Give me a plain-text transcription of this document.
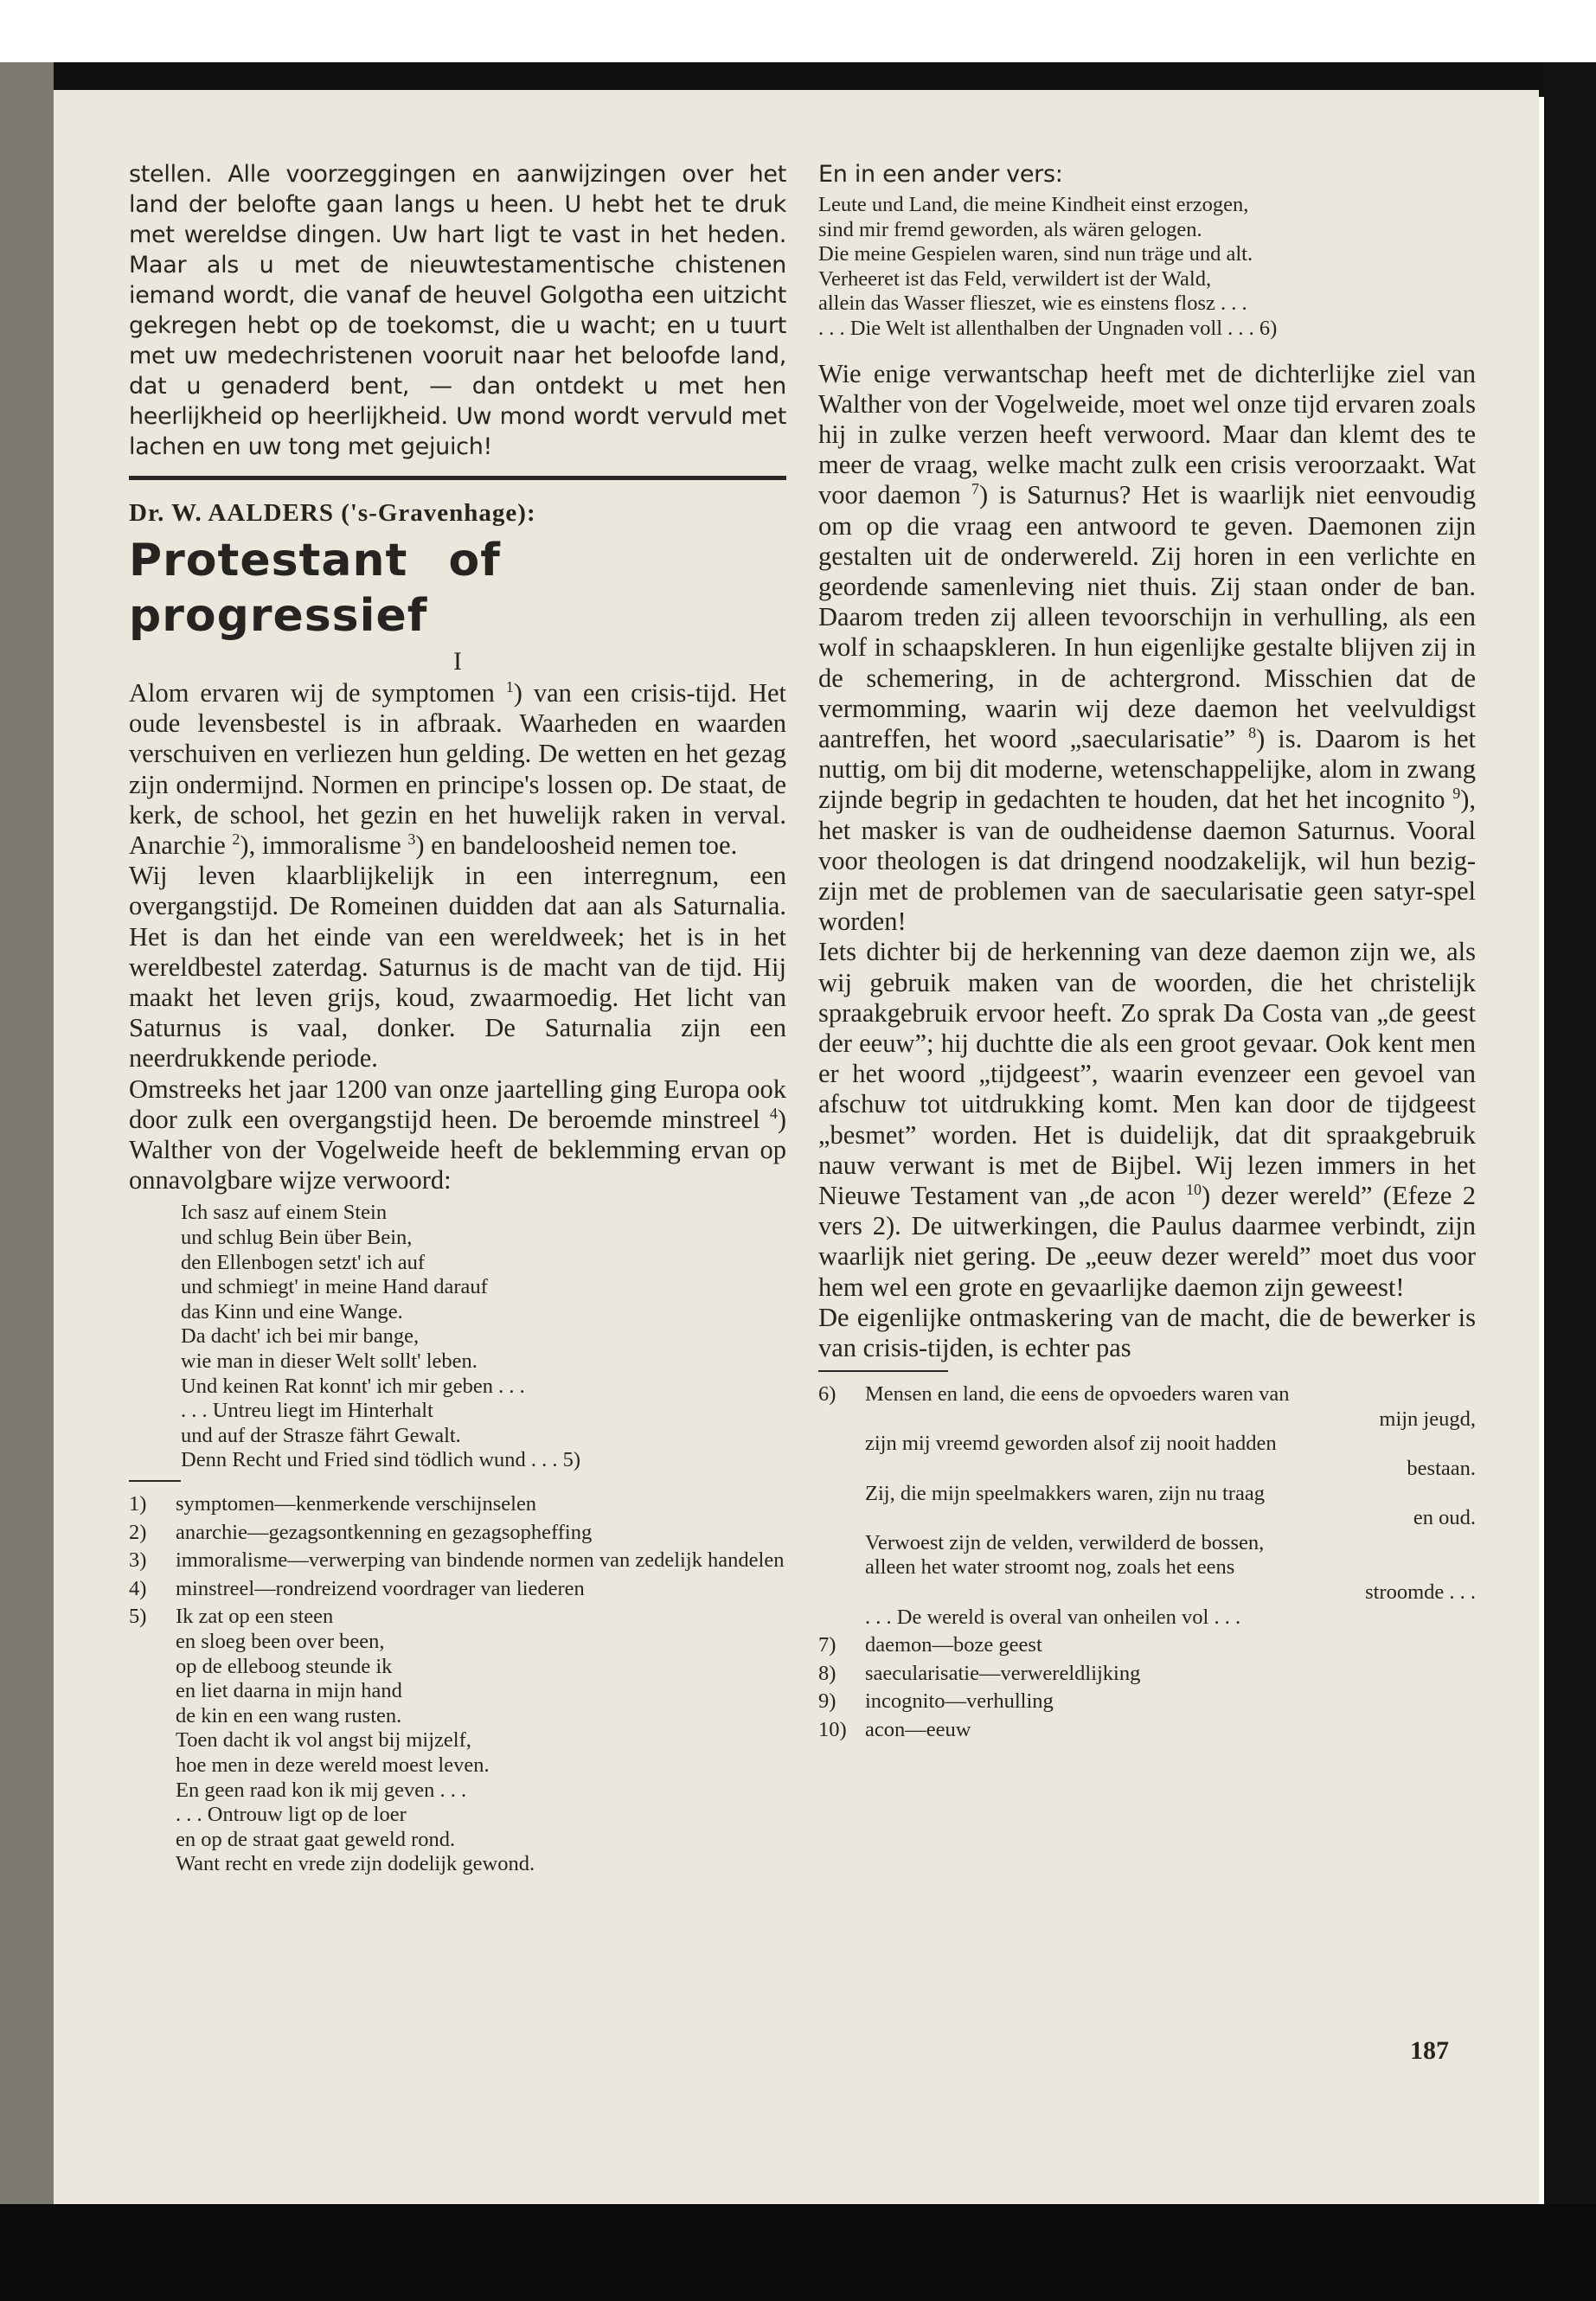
stellen. Alle voorzeggingen en aanwijzingen over het land der belofte gaan langs u heen. U hebt het te druk met wereldse dingen. Uw hart ligt te vast in het heden. Maar als u met de nieuwtestamentische chistenen iemand wordt, die vanaf de heuvel Golgotha een uitzicht gekregen hebt op de toekomst, die u wacht; en u tuurt met uw medechristenen vooruit naar het beloofde land, dat u genaderd bent, — dan ontdekt u met hen heerlijkheid op heerlijkheid. Uw mond wordt vervuld met lachen en uw tong met gejuich!

Dr. W. AALDERS ('s-Gravenhage):
Protestant of progressief
I
Alom ervaren wij de symptomen $^1$) van een crisis-tijd. Het oude levensbestel is in afbraak. Waarheden en waarden verschuiven en verliezen hun gelding. De wetten en het gezag zijn ondermijnd. Normen en principe's lossen op. De staat, de kerk, de school, het gezin en het huwelijk raken in verval. Anarchie $^2$), immoralisme $^3$) en bandeloosheid nemen toe.
Wij leven klaarblijkelijk in een interregnum, een overgangstijd. De Romeinen duidden dat aan als Saturnalia. Het is dan het einde van een wereldweek; het is in het wereldbestel zaterdag. Saturnus is de macht van de tijd. Hij maakt het leven grijs, koud, zwaarmoedig. Het licht van Saturnus is vaal, donker. De Saturnalia zijn een neerdrukkende periode.
Omstreeks het jaar 1200 van onze jaartelling ging Europa ook door zulk een overgangstijd heen. De beroemde minstreel $^4$) Walther von der Vogelweide heeft de beklemming ervan op onnavolgbare wijze verwoord:
Ich sasz auf einem Stein
und schlug Bein über Bein,
den Ellenbogen setzt' ich auf
und schmiegt' in meine Hand darauf
das Kinn und eine Wange.
Da dacht' ich bei mir bange,
wie man in dieser Welt sollt' leben.
Und keinen Rat konnt' ich mir geben . . .
. . . Untreu liegt im Hinterhalt
und auf der Strasze fährt Gewalt.
Denn Recht und Fried sind tödlich wund . . . 5)
1)	symptomen—kenmerkende verschijnselen
2)	anarchie—gezagsontkenning en gezagsopheffing
3)	immoralisme—verwerping van bindende normen van zedelijk handelen
4)	minstreel—rondreizend voordrager van liederen
5)	Ik zat op een steen
en sloeg been over been,
op de elleboog steunde ik
en liet daarna in mijn hand
de kin en een wang rusten.
Toen dacht ik vol angst bij mijzelf,
hoe men in deze wereld moest leven.
En geen raad kon ik mij geven . . .
. . . Ontrouw ligt op de loer
en op de straat gaat geweld rond.
Want recht en vrede zijn dodelijk gewond.
En in een ander vers:
Leute und Land, die meine Kindheit einst erzogen,
sind mir fremd geworden, als wären gelogen.
Die meine Gespielen waren, sind nun träge und alt.
Verheeret ist das Feld, verwildert ist der Wald,
allein das Wasser flieszet, wie es einstens flosz . . .
. . . Die Welt ist allenthalben der Ungnaden voll . . . 6)
Wie enige verwantschap heeft met de dichterlijke ziel van Walther von der Vogelweide, moet wel onze tijd ervaren zoals hij in zulke verzen heeft verwoord. Maar dan klemt des te meer de vraag, welke macht zulk een crisis veroorzaakt. Wat voor daemon $^7$) is Saturnus? Het is waarlijk niet eenvoudig om op die vraag een antwoord te geven. Daemonen zijn gestalten uit de onderwereld. Zij horen in een verlichte en geordende samenleving niet thuis. Zij staan onder de ban. Daarom treden zij alleen tevoorschijn in verhulling, als een wolf in schaapskleren. In hun eigenlijke gestalte blijven zij in de schemering, in de achtergrond. Misschien dat de vermomming, waarin wij deze daemon het veelvuldigst aantreffen, het woord „saecularisatie” $^8$) is. Daarom is het nuttig, om bij dit moderne, wetenschappelijke, alom in zwang zijnde begrip in gedachten te houden, dat het het incognito $^9$), het masker is van de oudheidense daemon Saturnus. Vooral voor theologen is dat dringend noodzakelijk, wil hun bezig-zijn met de problemen van de saecularisatie geen satyr-spel worden!
Iets dichter bij de herkenning van deze daemon zijn we, als wij gebruik maken van de woorden, die het christelijk spraakgebruik ervoor heeft. Zo sprak Da Costa van „de geest der eeuw”; hij duchtte die als een groot gevaar. Ook kent men er het woord „tijdgeest”, waarin evenzeer een gevoel van afschuw tot uitdrukking komt. Men kan door de tijdgeest „besmet” worden. Het is duidelijk, dat dit spraakgebruik nauw verwant is met de Bijbel. Wij lezen immers in het Nieuwe Testament van „de acon $^{10}$) dezer wereld” (Efeze 2 vers 2). De uitwerkingen, die Paulus daarmee verbindt, zijn waarlijk niet gering. De „eeuw dezer wereld” moet dus voor hem wel een grote en gevaarlijke daemon zijn geweest!
De eigenlijke ontmaskering van de macht, die de bewerker is van crisis-tijden, is echter pas
6)	Mensen en land, die eens de opvoeders waren van
mijn jeugd,
zijn mij vreemd geworden alsof zij nooit hadden
bestaan.
Zij, die mijn speelmakkers waren, zijn nu traag
en oud.
Verwoest zijn de velden, verwilderd de bossen,
alleen het water stroomt nog, zoals het eens
stroomde . . .
. . . De wereld is overal van onheilen vol . . .
7)	daemon—boze geest
8)	saecularisatie—verwereldlijking
9)	incognito—verhulling
10) acon—eeuw
187
